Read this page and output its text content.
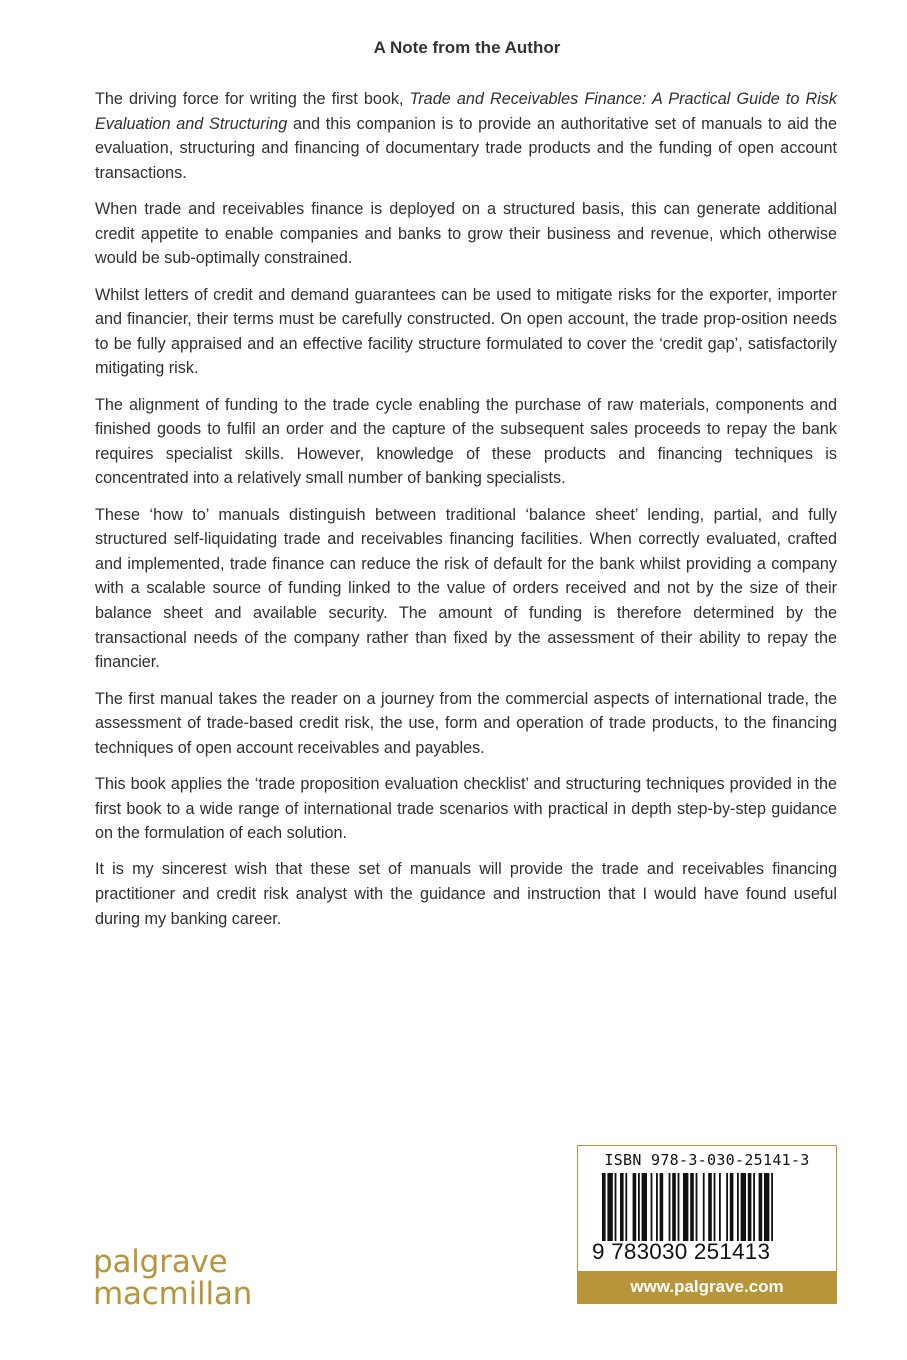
A Note from the Author

The driving force for writing the first book, Trade and Receivables Finance: A Practical Guide to Risk Evaluation and Structuring and this companion is to provide an authoritative set of manuals to aid the evaluation, structuring and financing of documentary trade products and the funding of open account transactions.

When trade and receivables finance is deployed on a structured basis, this can generate additional credit appetite to enable companies and banks to grow their business and revenue, which otherwise would be sub-optimally constrained.

Whilst letters of credit and demand guarantees can be used to mitigate risks for the exporter, importer and financier, their terms must be carefully constructed. On open account, the trade prop-osition needs to be fully appraised and an effective facility structure formulated to cover the ‘credit gap’, satisfactorily mitigating risk.

The alignment of funding to the trade cycle enabling the purchase of raw materials, components and finished goods to fulfil an order and the capture of the subsequent sales proceeds to repay the bank requires specialist skills. However, knowledge of these products and financing techniques is concentrated into a relatively small number of banking specialists.

These ‘how to’ manuals distinguish between traditional ‘balance sheet’ lending, partial, and fully structured self-liquidating trade and receivables financing facilities. When correctly evaluated, crafted and implemented, trade finance can reduce the risk of default for the bank whilst providing a company with a scalable source of funding linked to the value of orders received and not by the size of their balance sheet and available security. The amount of funding is therefore determined by the transactional needs of the company rather than fixed by the assessment of their ability to repay the financier.

The first manual takes the reader on a journey from the commercial aspects of international trade, the assessment of trade-based credit risk, the use, form and operation of trade products, to the financing techniques of open account receivables and payables.

This book applies the ‘trade proposition evaluation checklist’ and structuring techniques provided in the first book to a wide range of international trade scenarios with practical in depth step-by-step guidance on the formulation of each solution.

It is my sincerest wish that these set of manuals will provide the trade and receivables financing practitioner and credit risk analyst with the guidance and instruction that I would have found useful during my banking career.

palgrave
macmillan
ISBN 978-3-030-25141-3
9 783030 251413
www.palgrave.com
